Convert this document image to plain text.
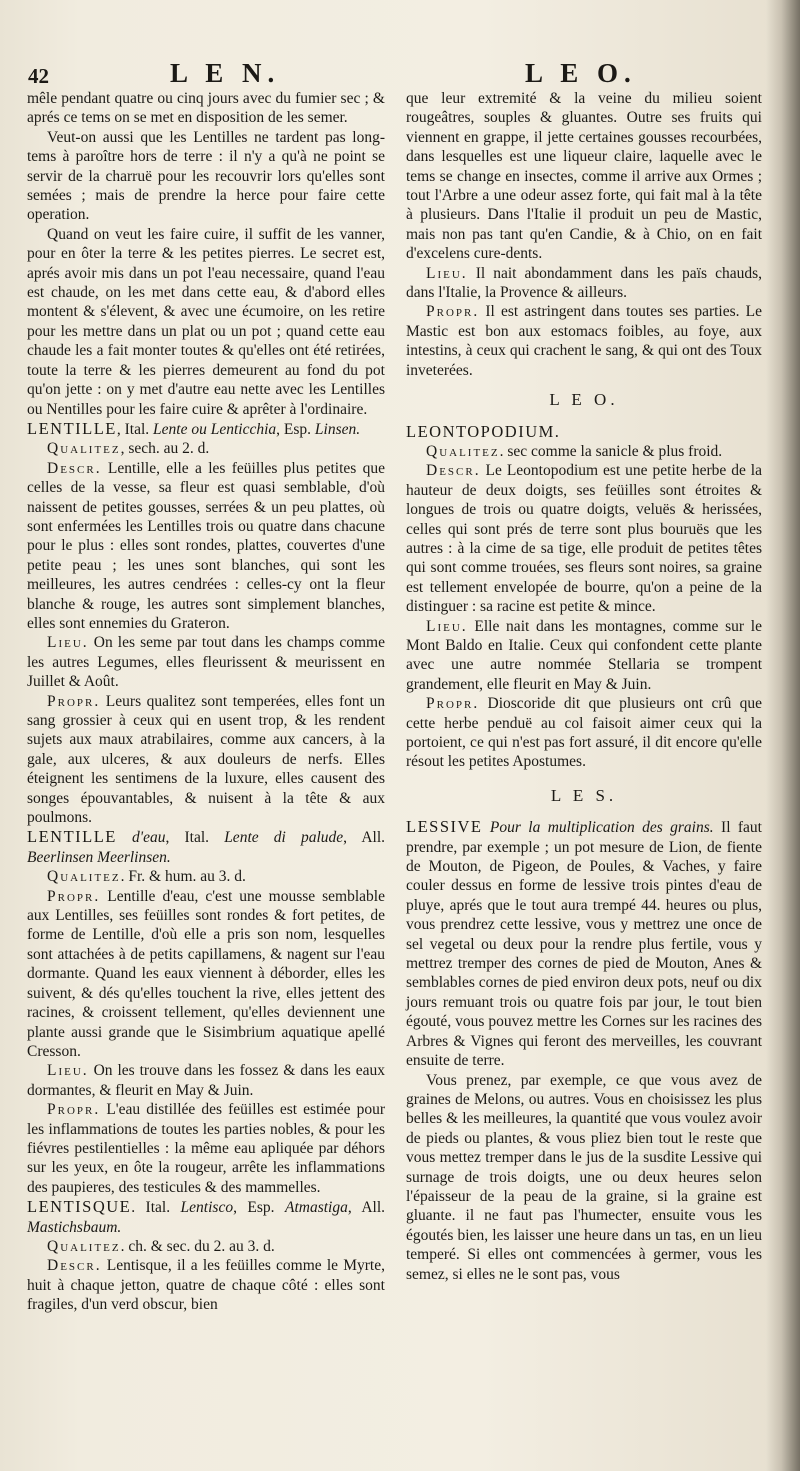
42	L E N.	L E O.

mêle pendant quatre ou cinq jours avec du fumier sec ; & aprés ce tems on se met en disposition de les semer.

Veut-on aussi que les Lentilles ne tardent pas long-tems à paroître hors de terre : il n'y a qu'à ne point se servir de la charruë pour les recouvrir lors qu'elles sont semées ; mais de prendre la herce pour faire cette operation.

Quand on veut les faire cuire, il suffit de les vanner, pour en ôter la terre & les petites pierres. Le secret est, aprés avoir mis dans un pot l'eau necessaire, quand l'eau est chaude, on les met dans cette eau, & d'abord elles montent & s'élevent, & avec une écumoire, on les retire pour les mettre dans un plat ou un pot ; quand cette eau chaude les a fait monter toutes & qu'elles ont été retirées, toute la terre & les pierres demeurent au fond du pot qu'on jette : on y met d'autre eau nette avec les Lentilles ou Nentilles pour les faire cuire & aprêter à l'ordinaire.

LENTILLE, Ital. Lente ou Lenticchia, Esp. Linsen.

Qualitez, sech. au 2. d.

Descr. Lentille, elle a les feüilles plus petites que celles de la vesse, sa fleur est quasi semblable, d'où naissent de petites gousses, serrées & un peu plattes, où sont enfermées les Lentilles trois ou quatre dans chacune pour le plus : elles sont rondes, plattes, couvertes d'une petite peau ; les unes sont blanches, qui sont les meilleures, les autres cendrées : celles-cy ont la fleur blanche & rouge, les autres sont simplement blanches, elles sont ennemies du Grateron.

Lieu. On les seme par tout dans les champs comme les autres Legumes, elles fleurissent & meurissent en Juillet & Août.

Propr. Leurs qualitez sont temperées, elles font un sang grossier à ceux qui en usent trop, & les rendent sujets aux maux atrabilaires, comme aux cancers, à la gale, aux ulceres, & aux douleurs de nerfs. Elles éteignent les sentimens de la luxure, elles causent des songes épouvantables, & nuisent à la tête & aux poulmons.

LENTILLE d'eau, Ital. Lente di palude, All. Beerlinsen Meerlinsen.

Qualitez. Fr. & hum. au 3. d.

Propr. Lentille d'eau, c'est une mousse semblable aux Lentilles, ses feüilles sont rondes & fort petites, de forme de Lentille, d'où elle a pris son nom, lesquelles sont attachées à de petits capillamens, & nagent sur l'eau dormante. Quand les eaux viennent à déborder, elles les suivent, & dés qu'elles touchent la rive, elles jettent des racines, & croissent tellement, qu'elles deviennent une plante aussi grande que le Sisimbrium aquatique apellé Cresson.

Lieu. On les trouve dans les fossez & dans les eaux dormantes, & fleurit en May & Juin.

Propr. L'eau distillée des feüilles est estimée pour les inflammations de toutes les parties nobles, & pour les fiévres pestilentielles : la même eau apliquée par déhors sur les yeux, en ôte la rougeur, arrête les inflammations des paupieres, des testicules & des mammelles.

LENTISQUE. Ital. Lentisco, Esp. Atmastiga, All. Mastichsbaum.

Qualitez. ch. & sec. du 2. au 3. d.

Descr. Lentisque, il a les feüilles comme le Myrte, huit à chaque jetton, quatre de chaque côté : elles sont fragiles, d'un verd obscur, bien

que leur extremité & la veine du milieu soient rougeâtres, souples & gluantes. Outre ses fruits qui viennent en grappe, il jette certaines gousses recourbées, dans lesquelles est une liqueur claire, laquelle avec le tems se change en insectes, comme il arrive aux Ormes ; tout l'Arbre a une odeur assez forte, qui fait mal à la tête à plusieurs. Dans l'Italie il produit un peu de Mastic, mais non pas tant qu'en Candie, & à Chio, on en fait d'excelens cure-dents.

Lieu. Il nait abondamment dans les païs chauds, dans l'Italie, la Provence & ailleurs.

Propr. Il est astringent dans toutes ses parties. Le Mastic est bon aux estomacs foibles, au foye, aux intestins, à ceux qui crachent le sang, & qui ont des Toux inveterées.

L E O.

LEONTOPODIUM.

Qualitez. sec comme la sanicle & plus froid.

Descr. Le Leontopodium est une petite herbe de la hauteur de deux doigts, ses feüilles sont étroites & longues de trois ou quatre doigts, veluës & herissées, celles qui sont prés de terre sont plus bouruës que les autres : à la cime de sa tige, elle produit de petites têtes qui sont comme trouées, ses fleurs sont noires, sa graine est tellement envelopée de bourre, qu'on a peine de la distinguer : sa racine est petite & mince.

Lieu. Elle nait dans les montagnes, comme sur le Mont Baldo en Italie. Ceux qui confondent cette plante avec une autre nommée Stellaria se trompent grandement, elle fleurit en May & Juin.

Propr. Dioscoride dit que plusieurs ont crû que cette herbe penduë au col faisoit aimer ceux qui la portoient, ce qui n'est pas fort assuré, il dit encore qu'elle résout les petites Apostumes.

L E S.

LESSIVE Pour la multiplication des grains. Il faut prendre, par exemple ; un pot mesure de Lion, de fiente de Mouton, de Pigeon, de Poules, & Vaches, y faire couler dessus en forme de lessive trois pintes d'eau de pluye, aprés que le tout aura trempé 44. heures ou plus, vous prendrez cette lessive, vous y mettrez une once de sel vegetal ou deux pour la rendre plus fertile, vous y mettrez tremper des cornes de pied de Mouton, Anes & semblables cornes de pied environ deux pots, neuf ou dix jours remuant trois ou quatre fois par jour, le tout bien égouté, vous pouvez mettre les Cornes sur les racines des Arbres & Vignes qui feront des merveilles, les couvrant ensuite de terre.

Vous prenez, par exemple, ce que vous avez de graines de Melons, ou autres. Vous en choisissez les plus belles & les meilleures, la quantité que vous voulez avoir de pieds ou plantes, & vous pliez bien tout le reste que vous mettez tremper dans le jus de la susdite Lessive qui surnage de trois doigts, une ou deux heures selon l'épaisseur de la peau de la graine, si la graine est gluante. il ne faut pas l'humecter, ensuite vous les égoutés bien, les laisser une heure dans un tas, en un lieu temperé. Si elles ont commencées à germer, vous les semez, si elles ne le sont pas, vous
